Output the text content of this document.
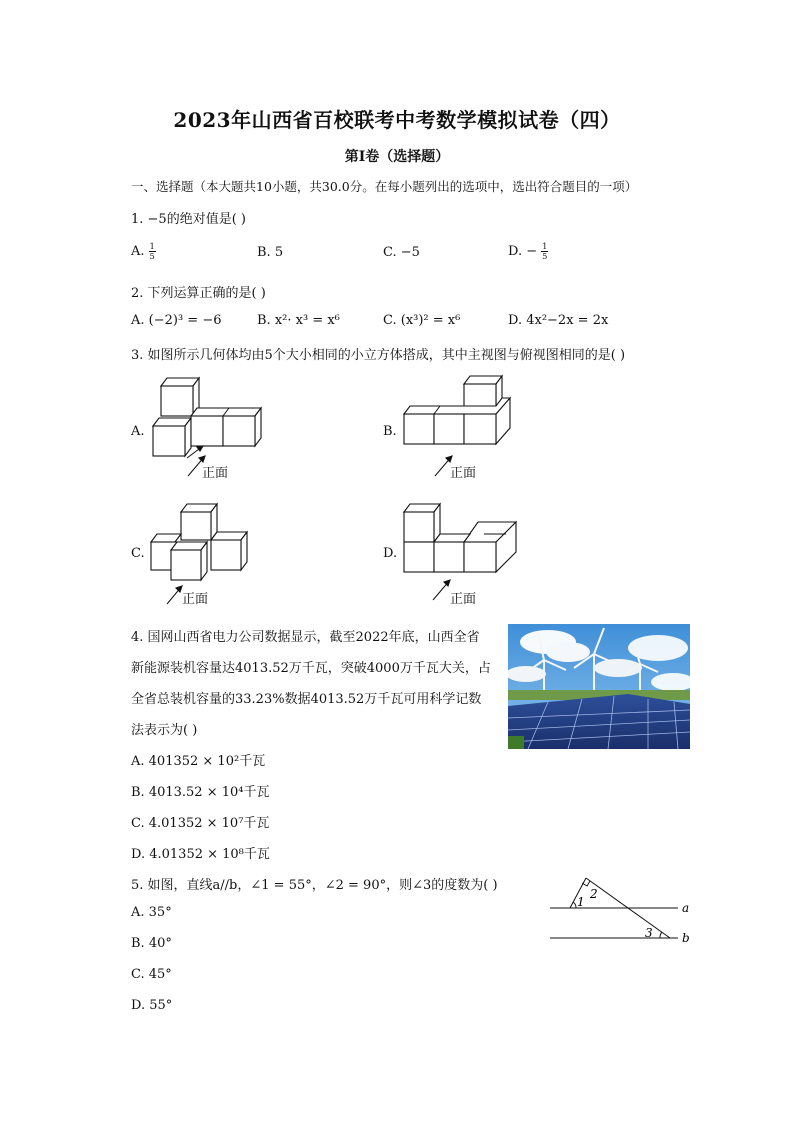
2023年山西省百校联考中考数学模拟试卷（四）
第I卷（选择题）
一、选择题（本大题共10小题，共30.0分。在每小题列出的选项中，选出符合题目的一项）
1. −5的绝对值是( )
A. $\frac{1}{5}$	B. 5	C. −5	D. − $\frac{1}{5}$
2. 下列运算正确的是( )
A. (−2)³ = −6	B. x²· x³ = x⁶	C. (x³)² = x⁶	D. 4x²−2x = 2x
3. 如图所示几何体均由5个大小相同的小立方体搭成，其中主视图与俯视图相同的是( )
A.
正面
B.
正面
C.
正面
D.
正面
4. 国网山西省电力公司数据显示，截至2022年底，山西全省
新能源装机容量达4013.52万千瓦，突破4000万千瓦大关，占
全省总装机容量的33.23%数据4013.52万千瓦可用科学记数
法表示为( )
A. 401352 × 10²千瓦
B. 4013.52 × 10⁴千瓦
C. 4.01352 × 10⁷千瓦
D. 4.01352 × 10⁸千瓦
5. 如图，直线a//b，∠1 = 55°，∠2 = 90°，则∠3的度数为( )
A. 35°
B. 40°
C. 45°
D. 55°
1
2
3
a
b
